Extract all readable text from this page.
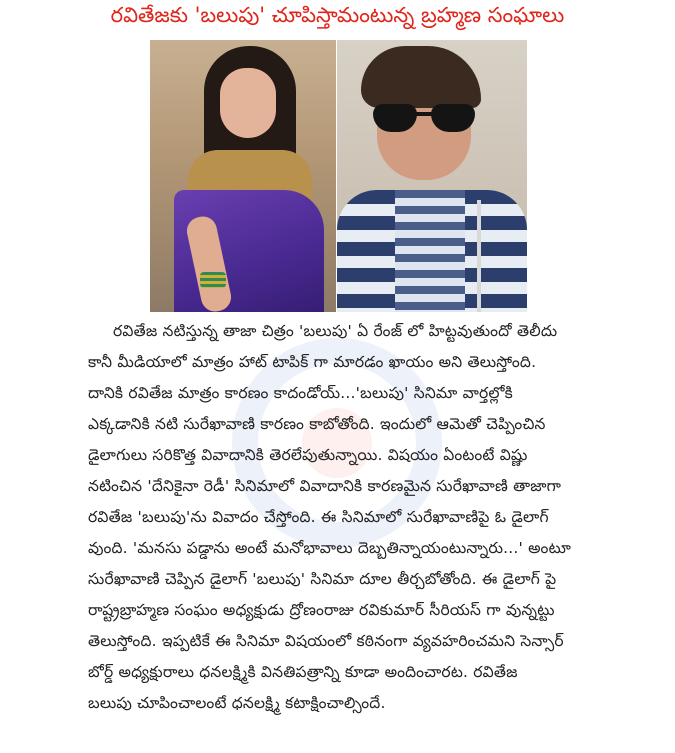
రవితేజకు 'బలుపు' చూపిస్తామంటున్న బ్రహ్మణ సంఘాలు
రవితేజ నటిస్తున్న తాజా చిత్రం 'బలుపు' ఏ రేంజ్ లో హిట్టవుతుందో తెలీదు
కానీ మీడియాలో మాత్రం హాట్ టాపిక్ గా మారడం ఖాయం అని తెలుస్తోంది.
దానికి రవితేజ మాత్రం కారణం కాదండోయ్...'బలుపు' సినిమా వార్తల్లోకి
ఎక్కడానికి నటి సురేఖావాణి కారణం కాబోతోంది. ఇందులో ఆమెతో చెప్పించిన
డైలాగులు సరికొత్త వివాదానికి తెరలేపుతున్నాయి. విషయం ఏంటంటే విష్ణు
నటించిన 'దేనికైనా రెడీ' సినిమాలో వివాదానికి కారణమైన సురేఖావాణి తాజాగా
రవితేజ 'బలుపు'ను వివాదం చేస్తోంది. ఈ సినిమాలో సురేఖావాణిపై ఓ డైలాగ్
వుంది. 'మనసు పడ్డాను అంటే మనోభావాలు దెబ్బతిన్నాయంటున్నారు...' అంటూ
సురేఖావాణి చెప్పిన డైలాగ్ 'బలుపు' సినిమా దూల తీర్చబోతోంది. ఈ డైలాగ్ పై
రాష్ట్రబ్రాహ్మణ సంఘం అధ్యక్షుడు ద్రోణంరాజు రవికుమార్ సీరియస్ గా వున్నట్టు
తెలుస్తోంది. ఇప్పటికే ఈ సినిమా విషయంలో కఠినంగా వ్యవహరించమని సెన్సార్
బోర్డ్ అధ్యక్షురాలు ధనలక్ష్మికి వినతిపత్రాన్ని కూడా అందించారట. రవితేజ
బలుపు చూపించాలంటే ధనలక్ష్మి కటాక్షించాల్సిందే.
